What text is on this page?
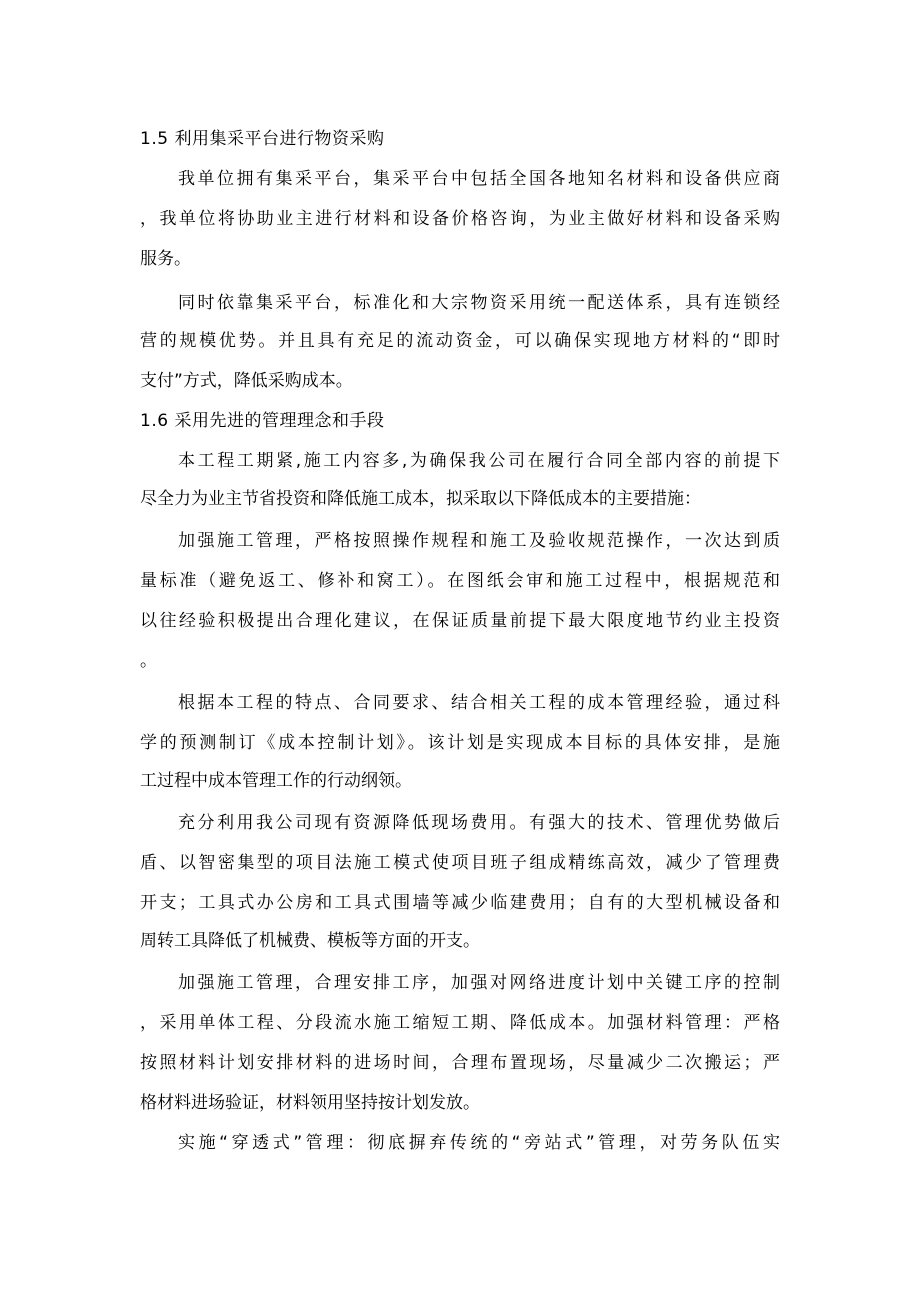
1.5 利用集采平台进行物资采购
我单位拥有集采平台，集采平台中包括全国各地知名材料和设备供应商
，我单位将协助业主进行材料和设备价格咨询，为业主做好材料和设备采购
服务。
同时依靠集采平台，标准化和大宗物资采用统一配送体系，具有连锁经
营的规模优势。并且具有充足的流动资金，可以确保实现地方材料的“即时
支付”方式，降低采购成本。
1.6 采用先进的管理理念和手段
本工程工期紧,施工内容多,为确保我公司在履行合同全部内容的前提下
尽全力为业主节省投资和降低施工成本，拟采取以下降低成本的主要措施：
加强施工管理，严格按照操作规程和施工及验收规范操作，一次达到质
量标准（避免返工、修补和窝工）。在图纸会审和施工过程中，根据规范和
以往经验积极提出合理化建议，在保证质量前提下最大限度地节约业主投资
。
根据本工程的特点、合同要求、结合相关工程的成本管理经验，通过科
学的预测制订《成本控制计划》。该计划是实现成本目标的具体安排，是施
工过程中成本管理工作的行动纲领。
充分利用我公司现有资源降低现场费用。有强大的技术、管理优势做后
盾、以智密集型的项目法施工模式使项目班子组成精练高效，减少了管理费
开支；工具式办公房和工具式围墙等减少临建费用；自有的大型机械设备和
周转工具降低了机械费、模板等方面的开支。
加强施工管理，合理安排工序，加强对网络进度计划中关键工序的控制
，采用单体工程、分段流水施工缩短工期、降低成本。加强材料管理：严格
按照材料计划安排材料的进场时间，合理布置现场，尽量减少二次搬运；严
格材料进场验证，材料领用坚持按计划发放。
实施“穿透式”管理：彻底摒弃传统的“旁站式”管理，对劳务队伍实
